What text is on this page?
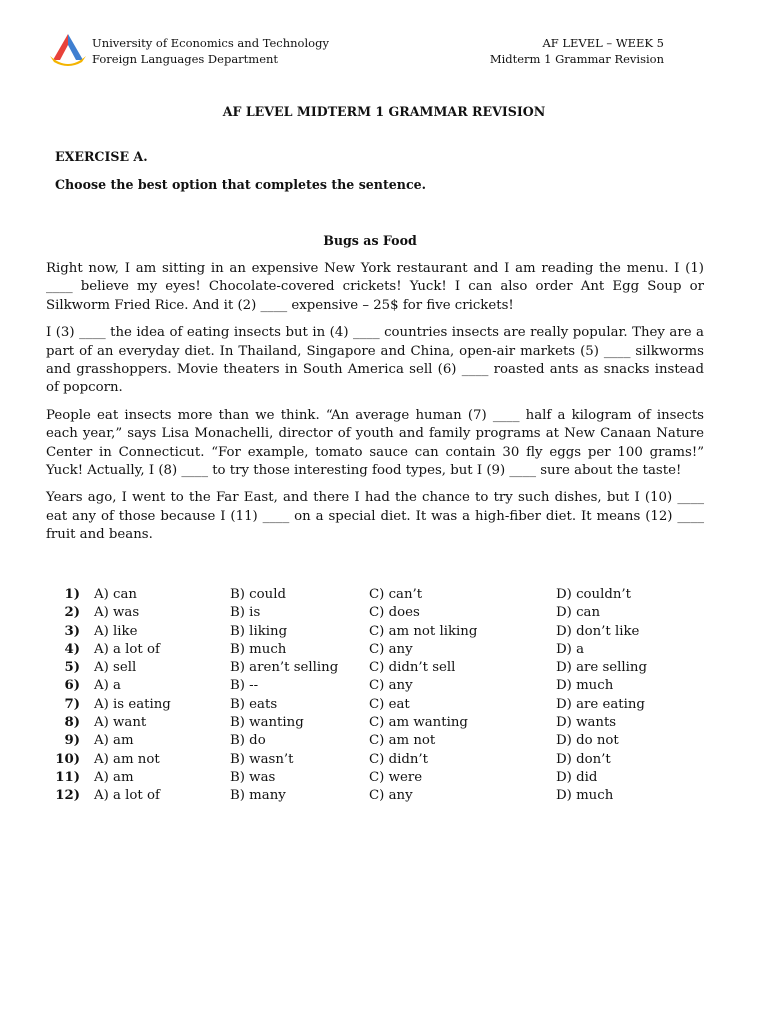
University of Economics and Technology
Foreign Languages Department
AF LEVEL – WEEK 5
Midterm 1 Grammar Revision
AF LEVEL MIDTERM 1 GRAMMAR REVISION
EXERCISE A.
Choose the best option that completes the sentence.
Bugs as Food

Right now, I am sitting in an expensive New York restaurant and I am reading the menu. I (1) ____ believe my eyes! Chocolate-covered crickets! Yuck! I can also order Ant Egg Soup or Silkworm Fried Rice. And it (2) ____ expensive – 25$ for five crickets!

I (3) ____ the idea of eating insects but in (4) ____ countries insects are really popular. They are a part of an everyday diet. In Thailand, Singapore and China, open-air markets (5) ____ silkworms and grasshoppers. Movie theaters in South America sell (6) ____ roasted ants as snacks instead of popcorn.

People eat insects more than we think. “An average human (7) ____ half a kilogram of insects each year,” says Lisa Monachelli, director of youth and family programs at New Canaan Nature Center in Connecticut. “For example, tomato sauce can contain 30 fly eggs per 100 grams!” Yuck! Actually, I (8) ____ to try those interesting food types, but I (9) ____ sure about the taste!

Years ago, I went to the Far East, and there I had the chance to try such dishes, but I (10) ____ eat any of those because I (11) ____ on a special diet. It was a high-fiber diet. It means (12) ____ fruit and beans.

1) A) can	B) could	C) can’t	D) couldn’t
2) A) was	B) is	C) does	D) can
3) A) like	B) liking	C) am not liking	D) don’t like
4) A) a lot of	B) much	C) any	D) a
5) A) sell	B) aren’t selling C) didn’t sell	D) are selling
6) A) a	B) --	C) any	D) much
7) A) is eating	B) eats	C) eat	D) are eating
8) A) want	B) wanting	C) am wanting	D) wants
9) A) am	B) do	C) am not	D) do not
10) A) am not	B) wasn’t	C) didn’t	D) don’t
11) A) am	B) was	C) were	D) did
12) A) a lot of	B) many	C) any	D) much
